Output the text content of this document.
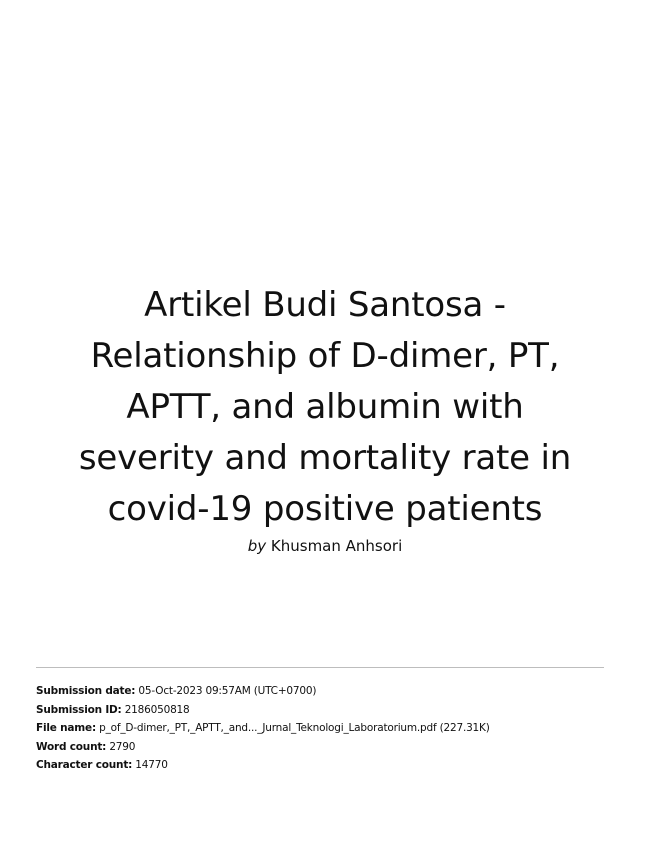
Artikel Budi Santosa -
Relationship of D-dimer, PT,
APTT, and albumin with
severity and mortality rate in
covid-19 positive patients
by Khusman Anhsori
Submission date: 05-Oct-2023 09:57AM (UTC+0700)
Submission ID: 2186050818
File name: p_of_D-dimer,_PT,_APTT,_and..._Jurnal_Teknologi_Laboratorium.pdf (227.31K)
Word count: 2790
Character count: 14770
